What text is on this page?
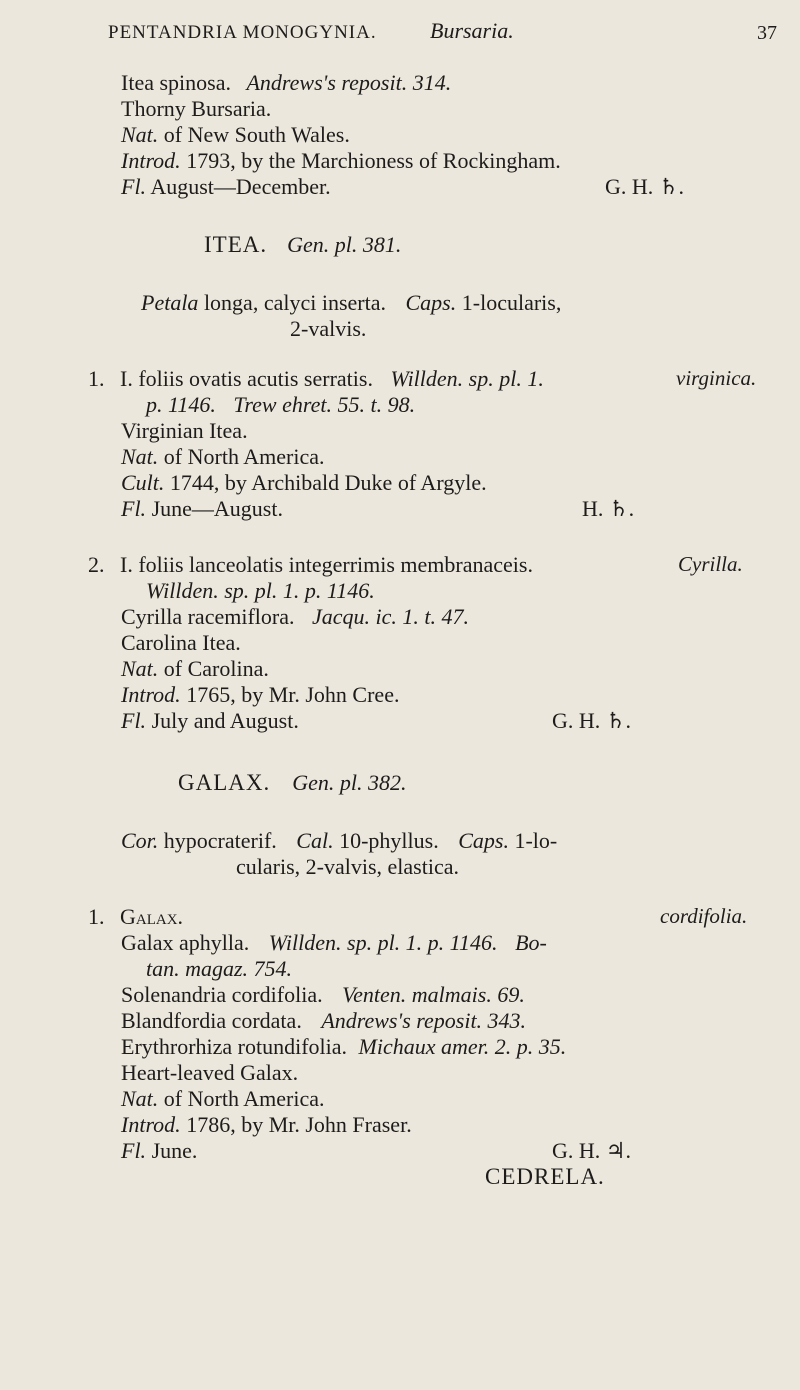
PENTANDRIA MONOGYNIA. Bursaria.	37
Itea spinosa. Andrews's reposit. 314.
Thorny Bursaria.
Nat. of New South Wales.
Introd. 1793, by the Marchioness of Rockingham.
Fl. August—December.	G. H. ♄.
ITEA. Gen. pl. 381.
Petala longa, calyci inserta. Caps. 1-locularis,
2-valvis.
1. I. foliis ovatis acutis serratis. Willden. sp. pl. 1.	virginica.
p. 1146. Trew ehret. 55. t. 98.
Virginian Itea.
Nat. of North America.
Cult. 1744, by Archibald Duke of Argyle.
Fl. June—August.	H. ♄.
2. I. foliis lanceolatis integerrimis membranaceis.	Cyrilla.
Willden. sp. pl. 1. p. 1146.
Cyrilla racemiflora. Jacqu. ic. 1. t. 47.
Carolina Itea.
Nat. of Carolina.
Introd. 1765, by Mr. John Cree.
Fl. July and August.	G. H. ♄.
GALAX. Gen. pl. 382.
Cor. hypocraterif. Cal. 10-phyllus. Caps. 1-lo-
cularis, 2-valvis, elastica.
1. Galax.	cordifolia.
Galax aphylla. Willden. sp. pl. 1. p. 1146. Bo-
tan. magaz. 754.
Solenandria cordifolia. Venten. malmais. 69.
Blandfordia cordata. Andrews's reposit. 343.
Erythrorhiza rotundifolia. Michaux amer. 2. p. 35.
Heart-leaved Galax.
Nat. of North America.
Introd. 1786, by Mr. John Fraser.
Fl. June.	G. H. ♃.
CEDRELA.
